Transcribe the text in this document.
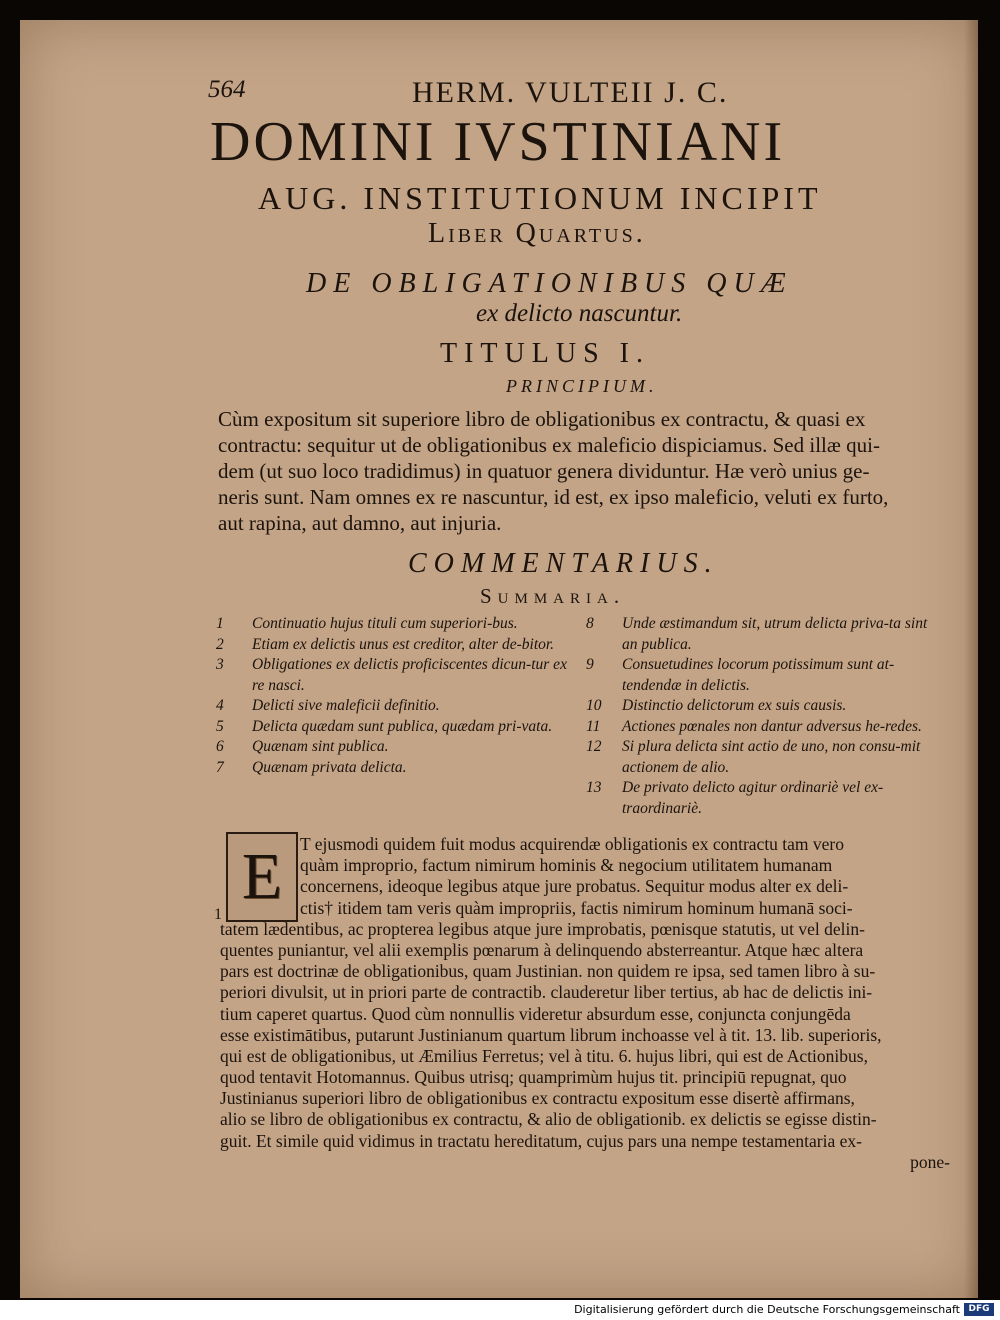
564	HERM. VULTEII J. C.
DOMINI IVSTINIANI
AUG. INSTITUTIONUM INCIPIT
Liber Quartus.
DE OBLIGATIONIBUS QUÆ
ex delicto nascuntur.
TITULUS I.
PRINCIPIUM.

Cùm expositum sit superiore libro de obligationibus ex contractu, & quasi ex

contractu: sequitur ut de obligationibus ex maleficio dispiciamus. Sed illæ qui-

dem (ut suo loco tradidimus) in quatuor genera dividuntur. Hæ verò unius ge-

neris sunt. Nam omnes ex re nascuntur, id est, ex ipso maleficio, veluti ex furto,

aut rapina, aut damno, aut injuria.

COMMENTARIUS.
Summaria.
1	Continuatio hujus tituli cum superiori-bus.
2	Etiam ex delictis unus est creditor, alter de-bitor.
3	Obligationes ex delictis proficiscentes dicun-tur ex re nasci.
4	Delicti sive maleficii definitio.
5	Delicta quædam sunt publica, quædam pri-vata.
6	Quænam sint publica.
7	Quænam privata delicta.
8	Unde æstimandum sit, utrum delicta priva-ta sint an publica.
9	Consuetudines locorum potissimum sunt at-tendendæ in delictis.
10	Distinctio delictorum ex suis causis.
11	Actiones pœnales non dantur adversus he-redes.
12	Si plura delicta sint actio de uno, non consu-mit actionem de alio.
13	De privato delicto agitur ordinariè vel ex-traordinariè.
E
1
T ejusmodi quidem fuit modus acquirendæ obligationis ex contractu tam vero
quàm improprio, factum nimirum hominis & negocium utilitatem humanam
concernens, ideoque legibus atque jure probatus. Sequitur modus alter ex deli-
ctis† itidem tam veris quàm impropriis, factis nimirum hominum humanā soci-
tatem lædentibus, ac propterea legibus atque jure improbatis, pœnisque statutis, ut vel delin-
quentes puniantur, vel alii exemplis pœnarum à delinquendo absterreantur. Atque hæc altera
pars est doctrinæ de obligationibus, quam Justinian. non quidem re ipsa, sed tamen libro à su-
periori divulsit, ut in priori parte de contractib. clauderetur liber tertius, ab hac de delictis ini-
tium caperet quartus. Quod cùm nonnullis videretur absurdum esse, conjuncta conjungēda
esse existimātibus, putarunt Justinianum quartum librum inchoasse vel à tit. 13. lib. superioris,
qui est de obligationibus, ut Æmilius Ferretus; vel à titu. 6. hujus libri, qui est de Actionibus,
quod tentavit Hotomannus. Quibus utrisq; quamprimùm hujus tit. principiū repugnat, quo
Justinianus superiori libro de obligationibus ex contractu expositum esse disertè affirmans,
alio se libro de obligationibus ex contractu, & alio de obligationib. ex delictis se egisse distin-
guit. Et simile quid vidimus in tractatu hereditatum, cujus pars una nempe testamentaria ex-
pone-
Digitalisierung gefördert durch die Deutsche Forschungsgemeinschaft DFG
